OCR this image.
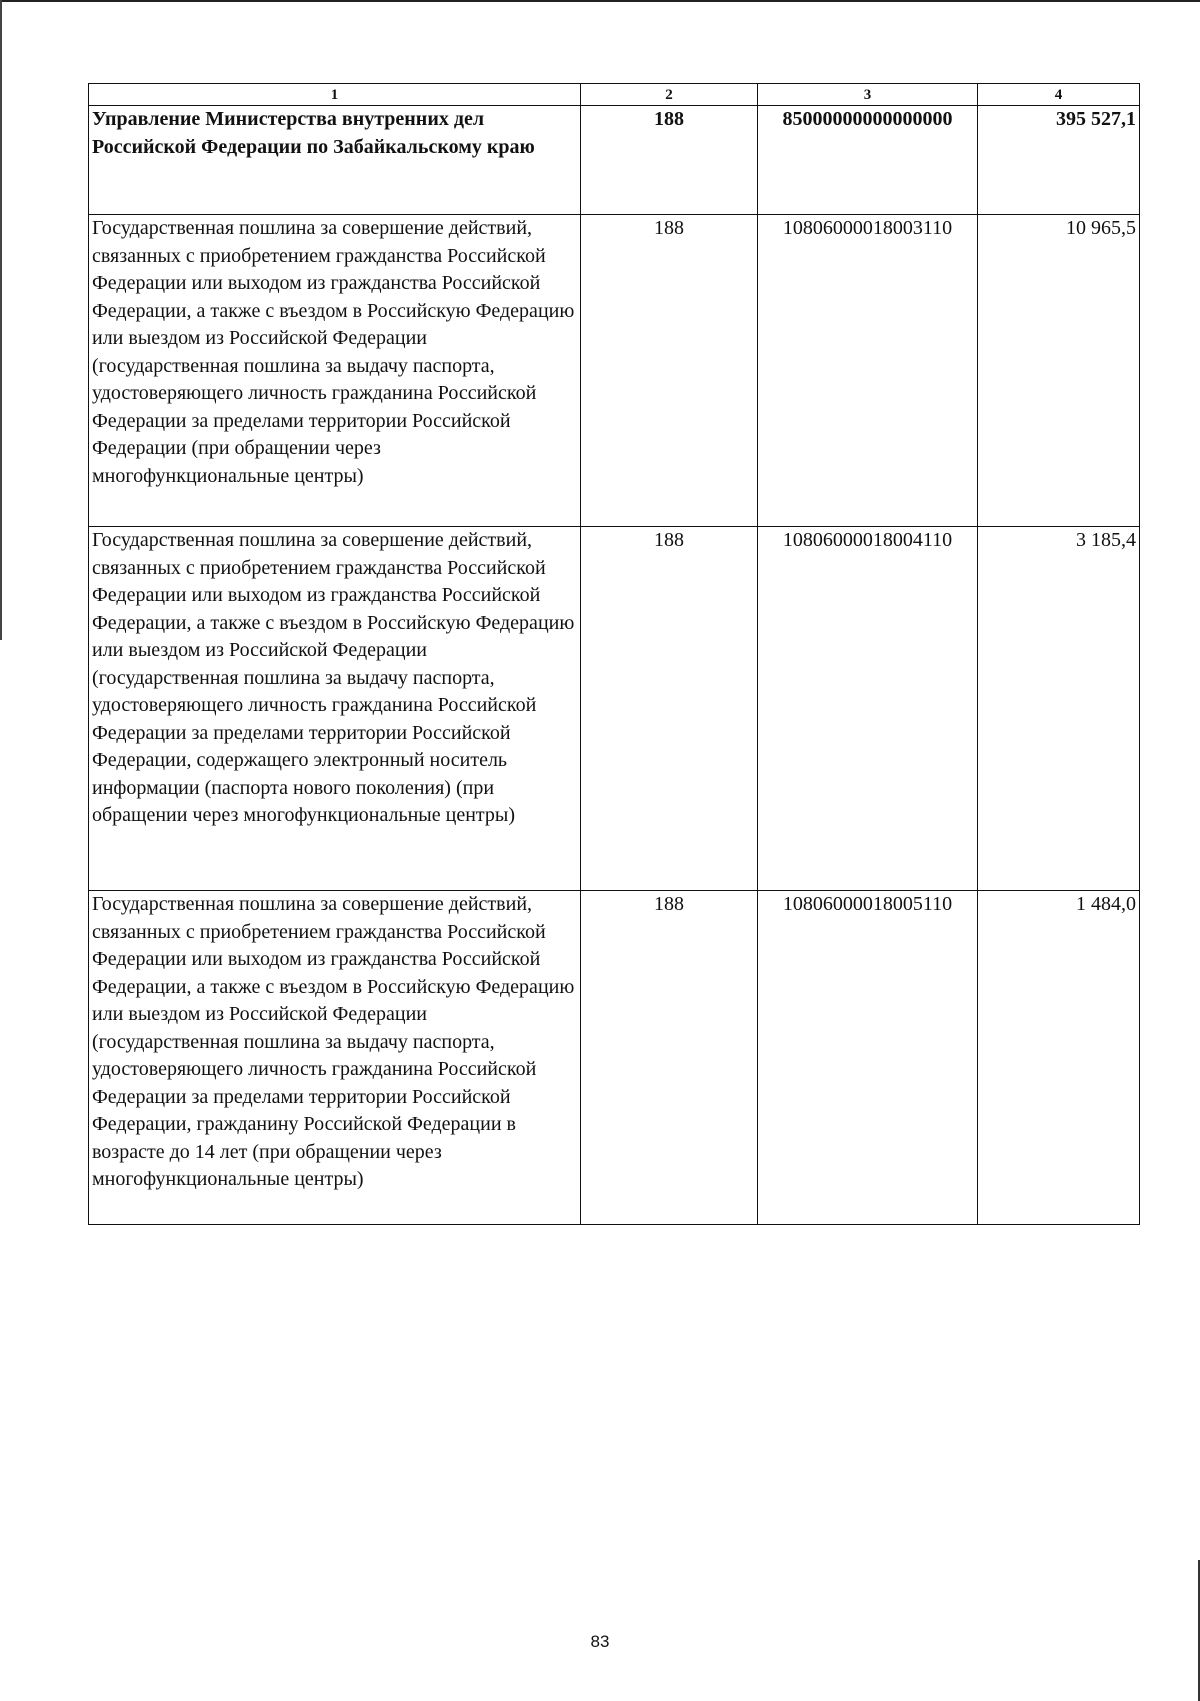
1	2	3	4
Управление Министерства внутренних дел Российской Федерации по Забайкальскому краю	188	85000000000000000	395 527,1
Государственная пошлина за совершение действий, связанных с приобретением гражданства Российской Федерации или выходом из гражданства Российской Федерации, а также с въездом в Российскую Федерацию или выездом из Российской Федерации (государственная пошлина за выдачу паспорта, удостоверяющего личность гражданина Российской Федерации за пределами территории Российской Федерации (при обращении через многофункциональные центры)	188	10806000018003110	10 965,5
Государственная пошлина за совершение действий, связанных с приобретением гражданства Российской Федерации или выходом из гражданства Российской Федерации, а также с въездом в Российскую Федерацию или выездом из Российской Федерации (государственная пошлина за выдачу паспорта, удостоверяющего личность гражданина Российской Федерации за пределами территории Российской Федерации, содержащего электронный носитель информации (паспорта нового поколения) (при обращении через многофункциональные центры)	188	10806000018004110	3 185,4
Государственная пошлина за совершение действий, связанных с приобретением гражданства Российской Федерации или выходом из гражданства Российской Федерации, а также с въездом в Российскую Федерацию или выездом из Российской Федерации (государственная пошлина за выдачу паспорта, удостоверяющего личность гражданина Российской Федерации за пределами территории Российской Федерации, гражданину Российской Федерации в возрасте до 14 лет (при обращении через многофункциональные центры)	188	10806000018005110	1 484,0
83
